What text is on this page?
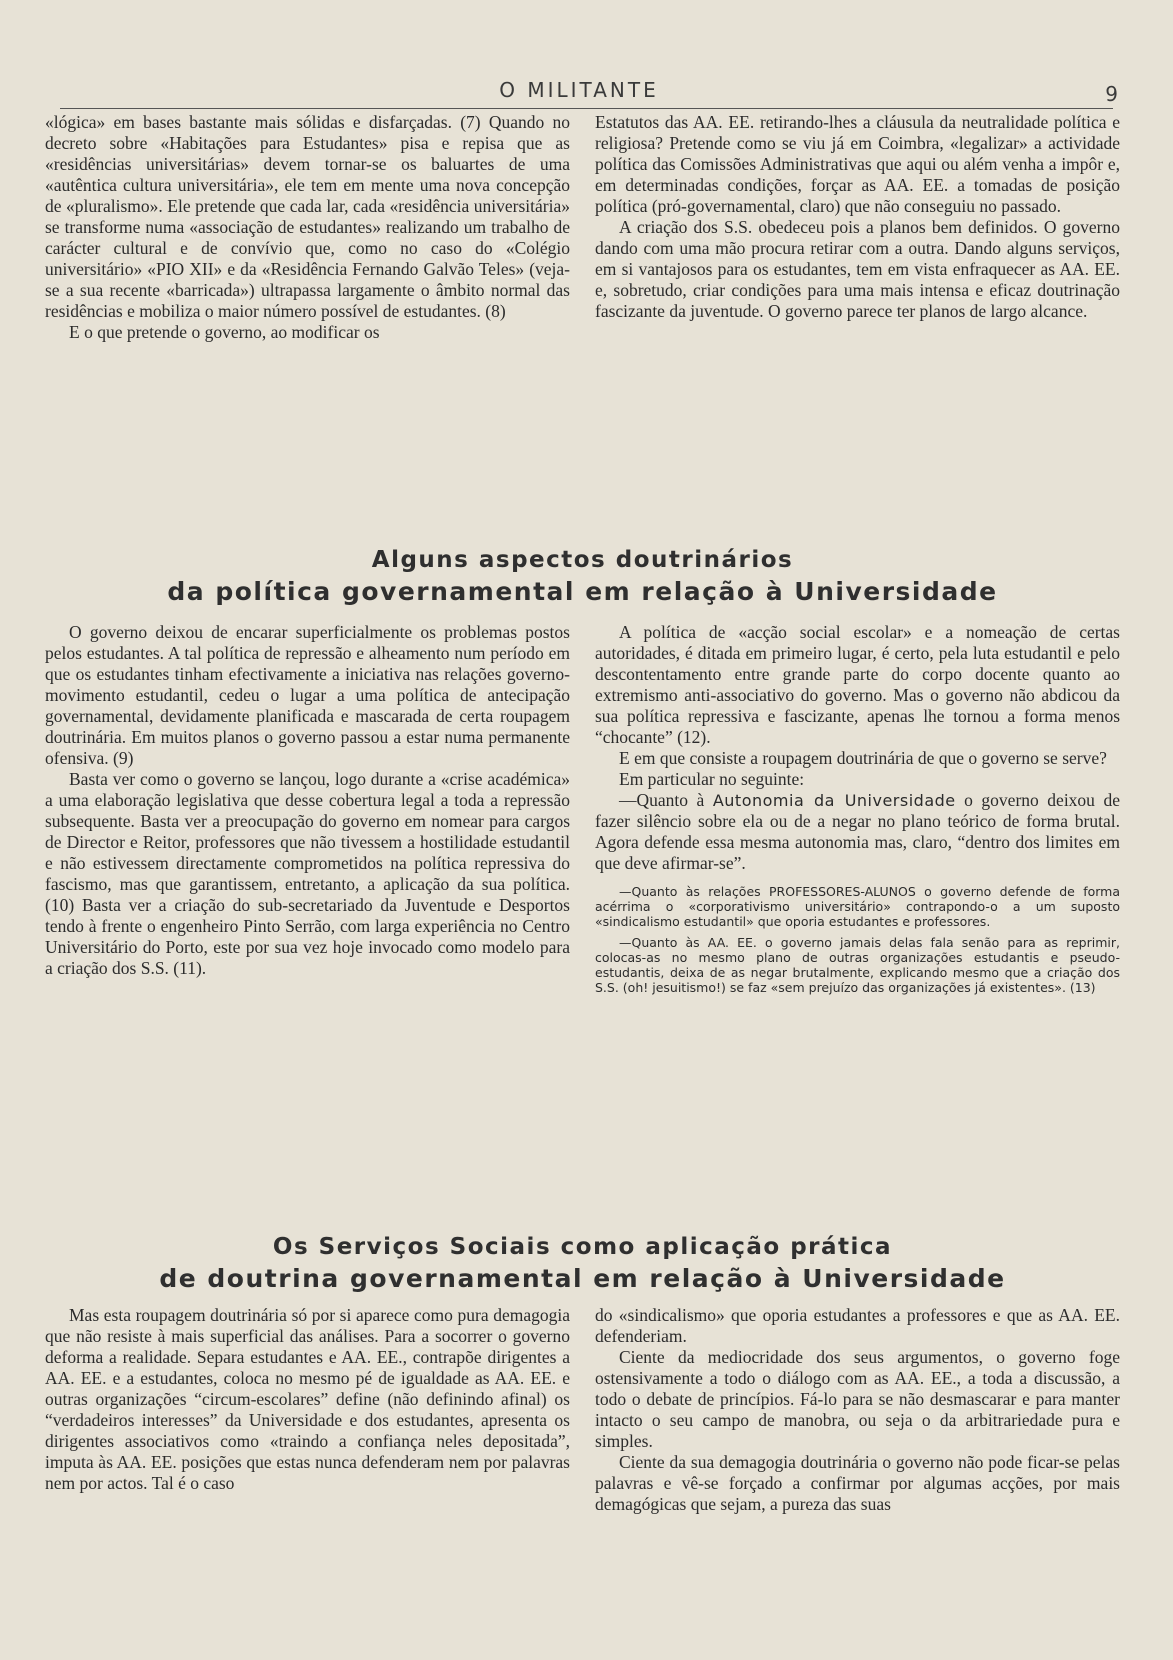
O MILITANTE	9

«lógica» em bases bastante mais sólidas e disfarçadas. (7) Quando no decreto sobre «Habitações para Estudantes» pisa e repisa que as «residências universitárias» devem tornar-se os baluartes de uma «autêntica cultura universitária», ele tem em mente uma nova concepção de «pluralismo». Ele pretende que cada lar, cada «residência universitária» se transforme numa «associação de estudantes» realizando um trabalho de carácter cultural e de convívio que, como no caso do «Colégio universitário» «PIO XII» e da «Residência Fernando Galvão Teles» (veja-se a sua recente «barricada») ultrapassa largamente o âmbito normal das residências e mobiliza o maior número possível de estudantes. (8)

E o que pretende o governo, ao modificar os

Estatutos das AA. EE. retirando-lhes a cláusula da neutralidade política e religiosa? Pretende como se viu já em Coimbra, «legalizar» a actividade política das Comissões Administrativas que aqui ou além venha a impôr e, em determinadas condições, forçar as AA. EE. a tomadas de posição política (pró-governamental, claro) que não conseguiu no passado.

A criação dos S.S. obedeceu pois a planos bem definidos. O governo dando com uma mão procura retirar com a outra. Dando alguns serviços, em si vantajosos para os estudantes, tem em vista enfraquecer as AA. EE. e, sobretudo, criar condições para uma mais intensa e eficaz doutrinação fascizante da juventude. O governo parece ter planos de largo alcance.

Alguns aspectos doutrinários
da política governamental em relação à Universidade

O governo deixou de encarar superficialmente os problemas postos pelos estudantes. A tal política de repressão e alheamento num período em que os estudantes tinham efectivamente a iniciativa nas relações governo-movimento estudantil, cedeu o lugar a uma política de antecipação governamental, devidamente planificada e mascarada de certa roupagem doutrinária. Em muitos planos o governo passou a estar numa permanente ofensiva. (9)

Basta ver como o governo se lançou, logo durante a «crise académica» a uma elaboração legislativa que desse cobertura legal a toda a repressão subsequente. Basta ver a preocupação do governo em nomear para cargos de Director e Reitor, professores que não tivessem a hostilidade estudantil e não estivessem directamente comprometidos na política repressiva do fascismo, mas que garantissem, entretanto, a aplicação da sua política. (10) Basta ver a criação do sub-secretariado da Juventude e Desportos tendo à frente o engenheiro Pinto Serrão, com larga experiência no Centro Universitário do Porto, este por sua vez hoje invocado como modelo para a criação dos S.S. (11).

A política de «acção social escolar» e a nomeação de certas autoridades, é ditada em primeiro lugar, é certo, pela luta estudantil e pelo descontentamento entre grande parte do corpo docente quanto ao extremismo anti-associativo do governo. Mas o governo não abdicou da sua política repressiva e fascizante, apenas lhe tornou a forma menos “chocante” (12).

E em que consiste a roupagem doutrinária de que o governo se serve?

Em particular no seguinte:

—Quanto à Autonomia da Universidade o governo deixou de fazer silêncio sobre ela ou de a negar no plano teórico de forma brutal. Agora defende essa mesma autonomia mas, claro, “dentro dos limites em que deve afirmar-se”.

—Quanto às relações PROFESSORES-ALUNOS o governo defende de forma acérrima o «corporativismo universitário» contrapondo-o a um suposto «sindicalismo estudantil» que oporia estudantes e professores.

—Quanto às AA. EE. o governo jamais delas fala senão para as reprimir, colocas-as no mesmo plano de outras organizações estudantis e pseudo-estudantis, deixa de as negar brutalmente, explicando mesmo que a criação dos S.S. (oh! jesuitismo!) se faz «sem prejuízo das organizações já existentes». (13)

Os Serviços Sociais como aplicação prática
de doutrina governamental em relação à Universidade

Mas esta roupagem doutrinária só por si aparece como pura demagogia que não resiste à mais superficial das análises. Para a socorrer o governo deforma a realidade. Separa estudantes e AA. EE., contrapõe dirigentes a AA. EE. e a estudantes, coloca no mesmo pé de igualdade as AA. EE. e outras organizações “circum-escolares” define (não definindo afinal) os “verdadeiros interesses” da Universidade e dos estudantes, apresenta os dirigentes associativos como «traindo a confiança neles depositada”, imputa às AA. EE. posições que estas nunca defenderam nem por palavras nem por actos. Tal é o caso

do «sindicalismo» que oporia estudantes a professores e que as AA. EE. defenderiam.

Ciente da mediocridade dos seus argumentos, o governo foge ostensivamente a todo o diálogo com as AA. EE., a toda a discussão, a todo o debate de princípios. Fá-lo para se não desmascarar e para manter intacto o seu campo de manobra, ou seja o da arbitrariedade pura e simples.

Ciente da sua demagogia doutrinária o governo não pode ficar-se pelas palavras e vê-se forçado a confirmar por algumas acções, por mais demagógicas que sejam, a pureza das suas
